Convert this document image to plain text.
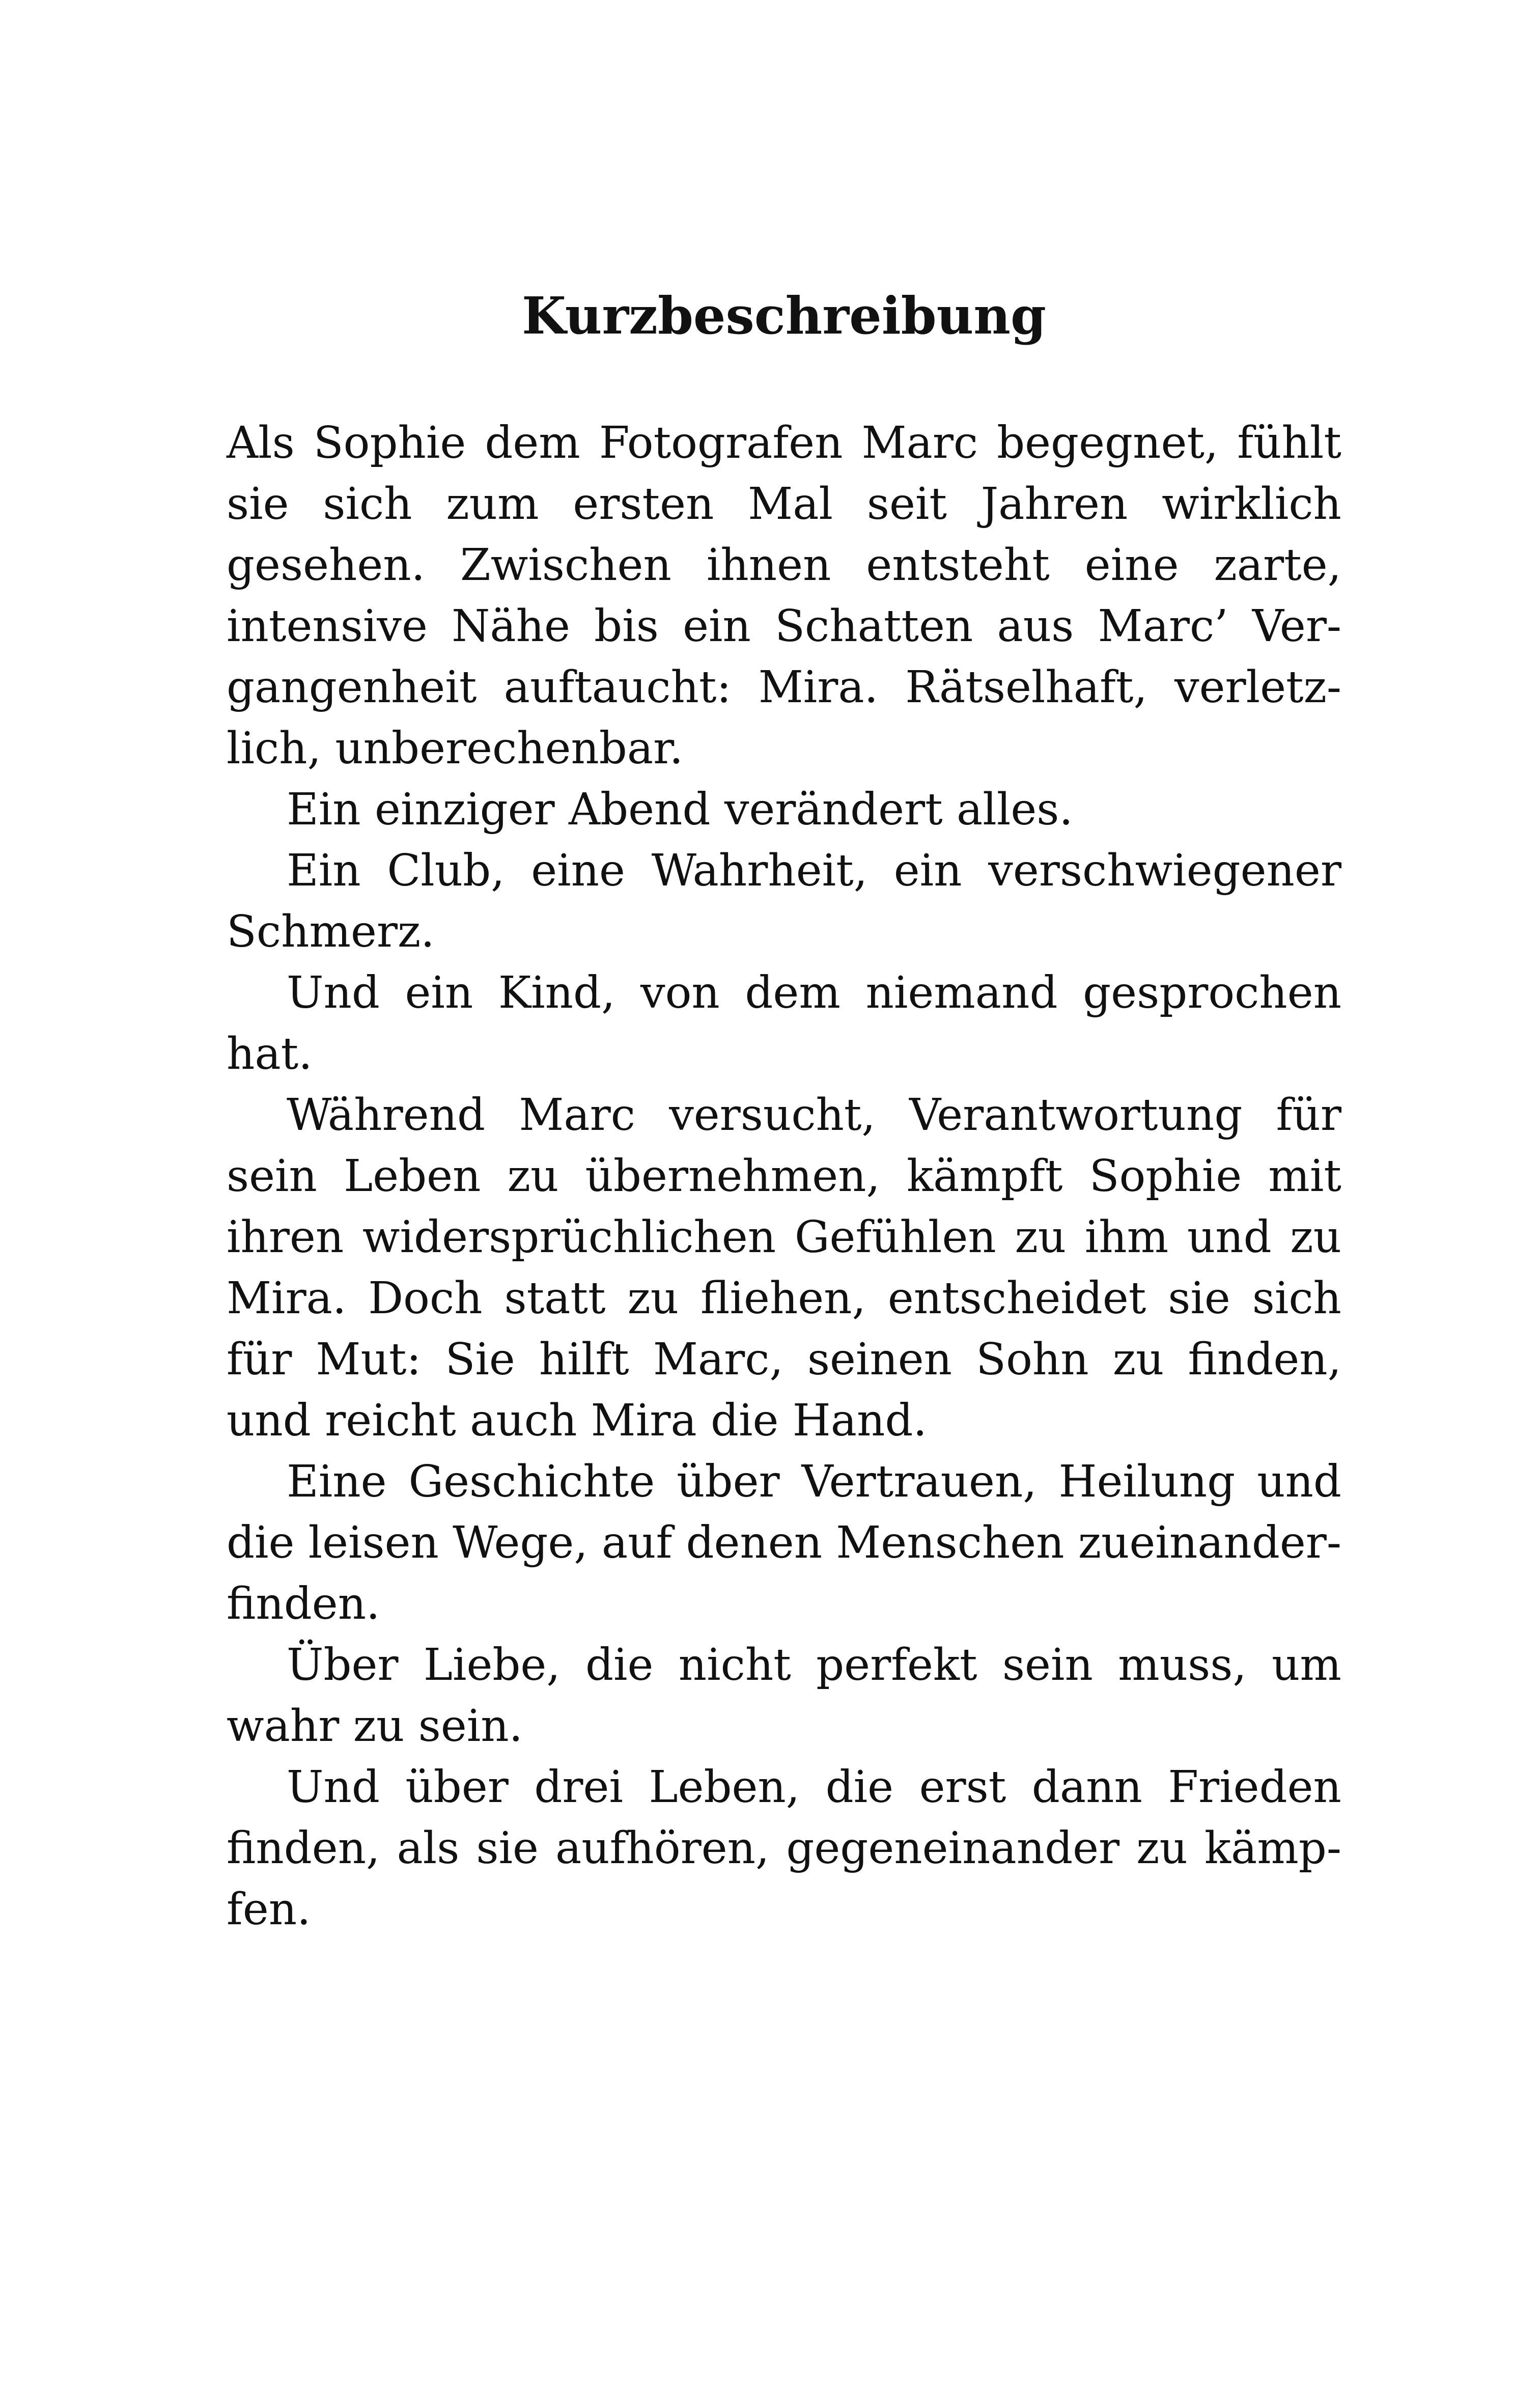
Kurzbeschreibung
Als Sophie dem Fotografen Marc begegnet, fühlt
sie sich zum ersten Mal seit Jahren wirklich
gesehen. Zwischen ihnen entsteht eine zarte,
intensive Nähe bis ein Schatten aus Marc’ Ver-
gangenheit auftaucht: Mira. Rätselhaft, verletz-
lich, unberechenbar.
Ein einziger Abend verändert alles.
Ein Club, eine Wahrheit, ein verschwiegener
Schmerz.
Und ein Kind, von dem niemand gesprochen
hat.
Während Marc versucht, Verantwortung für
sein Leben zu übernehmen, kämpft Sophie mit
ihren widersprüchlichen Gefühlen zu ihm und zu
Mira. Doch statt zu fliehen, entscheidet sie sich
für Mut: Sie hilft Marc, seinen Sohn zu finden,
und reicht auch Mira die Hand.
Eine Geschichte über Vertrauen, Heilung und
die leisen Wege, auf denen Menschen zueinander-
finden.
Über Liebe, die nicht perfekt sein muss, um
wahr zu sein.
Und über drei Leben, die erst dann Frieden
finden, als sie aufhören, gegeneinander zu kämp-
fen.
